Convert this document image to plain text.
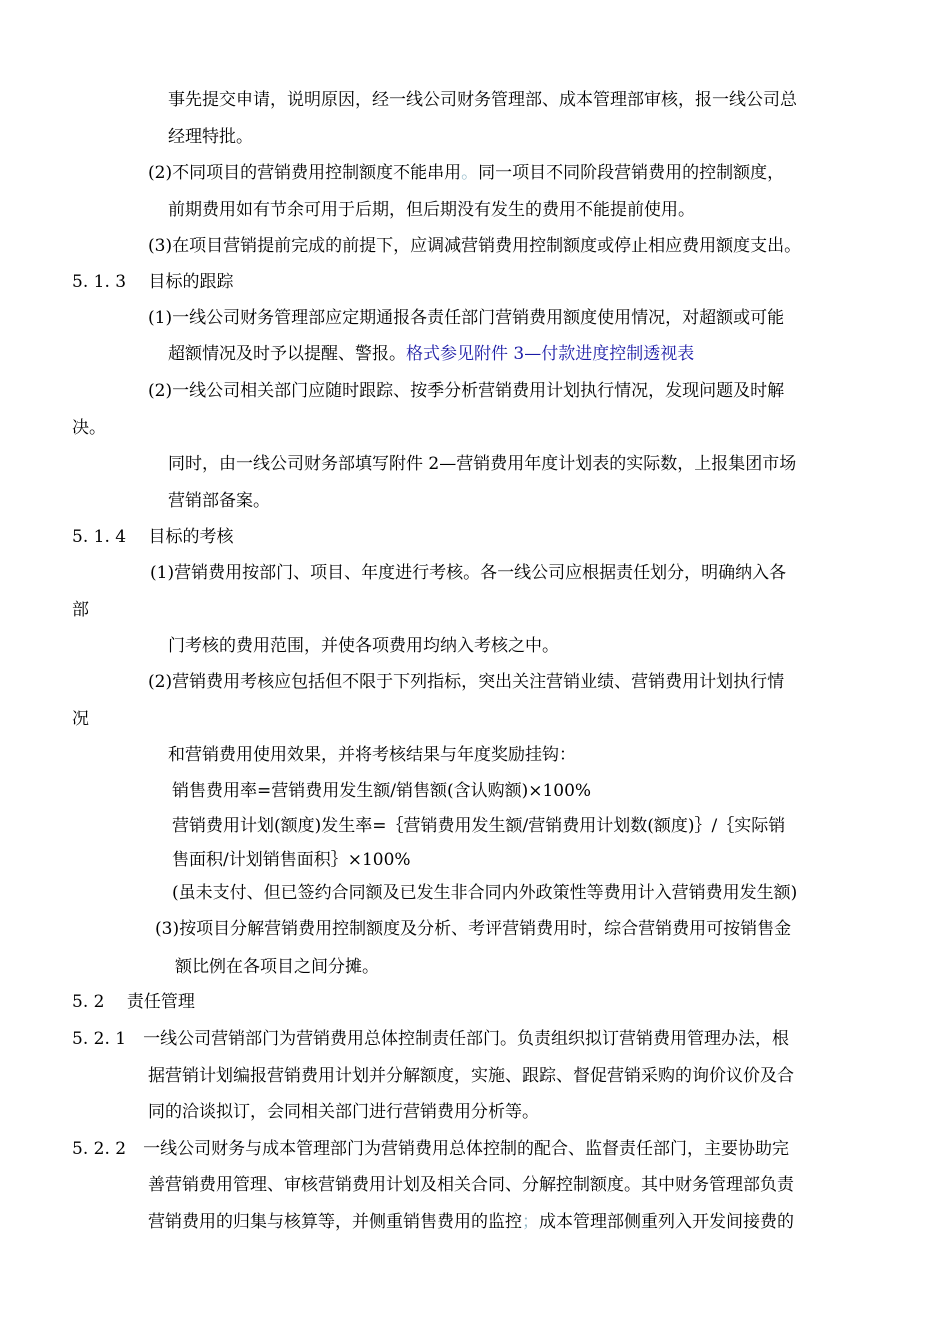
事先提交申请，说明原因，经一线公司财务管理部、成本管理部审核，报一线公司总
经理特批。
(2)不同项目的营销费用控制额度不能串用。同一项目不同阶段营销费用的控制额度，
前期费用如有节余可用于后期，但后期没有发生的费用不能提前使用。
(3)在项目营销提前完成的前提下，应调减营销费用控制额度或停止相应费用额度支出。
5. 1. 3　 目标的跟踪
(1)一线公司财务管理部应定期通报各责任部门营销费用额度使用情况，对超额或可能
超额情况及时予以提醒、警报。格式参见附件 3—付款进度控制透视表
(2)一线公司相关部门应随时跟踪、按季分析营销费用计划执行情况，发现问题及时解
决。
同时，由一线公司财务部填写附件 2—营销费用年度计划表的实际数，上报集团市场
营销部备案。
5. 1. 4　 目标的考核
(1)营销费用按部门、项目、年度进行考核。各一线公司应根据责任划分，明确纳入各
部
门考核的费用范围，并使各项费用均纳入考核之中。
(2)营销费用考核应包括但不限于下列指标，突出关注营销业绩、营销费用计划执行情
况
和营销费用使用效果，并将考核结果与年度奖励挂钩：
销售费用率=营销费用发生额/销售额(含认购额)×100%
营销费用计划(额度)发生率=｛营销费用发生额/营销费用计划数(额度)｝/｛实际销
售面积/计划销售面积｝×100%
(虽未支付、但已签约合同额及已发生非合同内外政策性等费用计入营销费用发生额)
(3)按项目分解营销费用控制额度及分析、考评营销费用时，综合营销费用可按销售金
额比例在各项目之间分摊。
5. 2　 责任管理
5. 2. 1　一线公司营销部门为营销费用总体控制责任部门。负责组织拟订营销费用管理办法，根
据营销计划编报营销费用计划并分解额度，实施、跟踪、督促营销采购的询价议价及合
同的洽谈拟订，会同相关部门进行营销费用分析等。
5. 2. 2　一线公司财务与成本管理部门为营销费用总体控制的配合、监督责任部门，主要协助完
善营销费用管理、审核营销费用计划及相关合同、分解控制额度。其中财务管理部负责
营销费用的归集与核算等，并侧重销售费用的监控；成本管理部侧重列入开发间接费的
